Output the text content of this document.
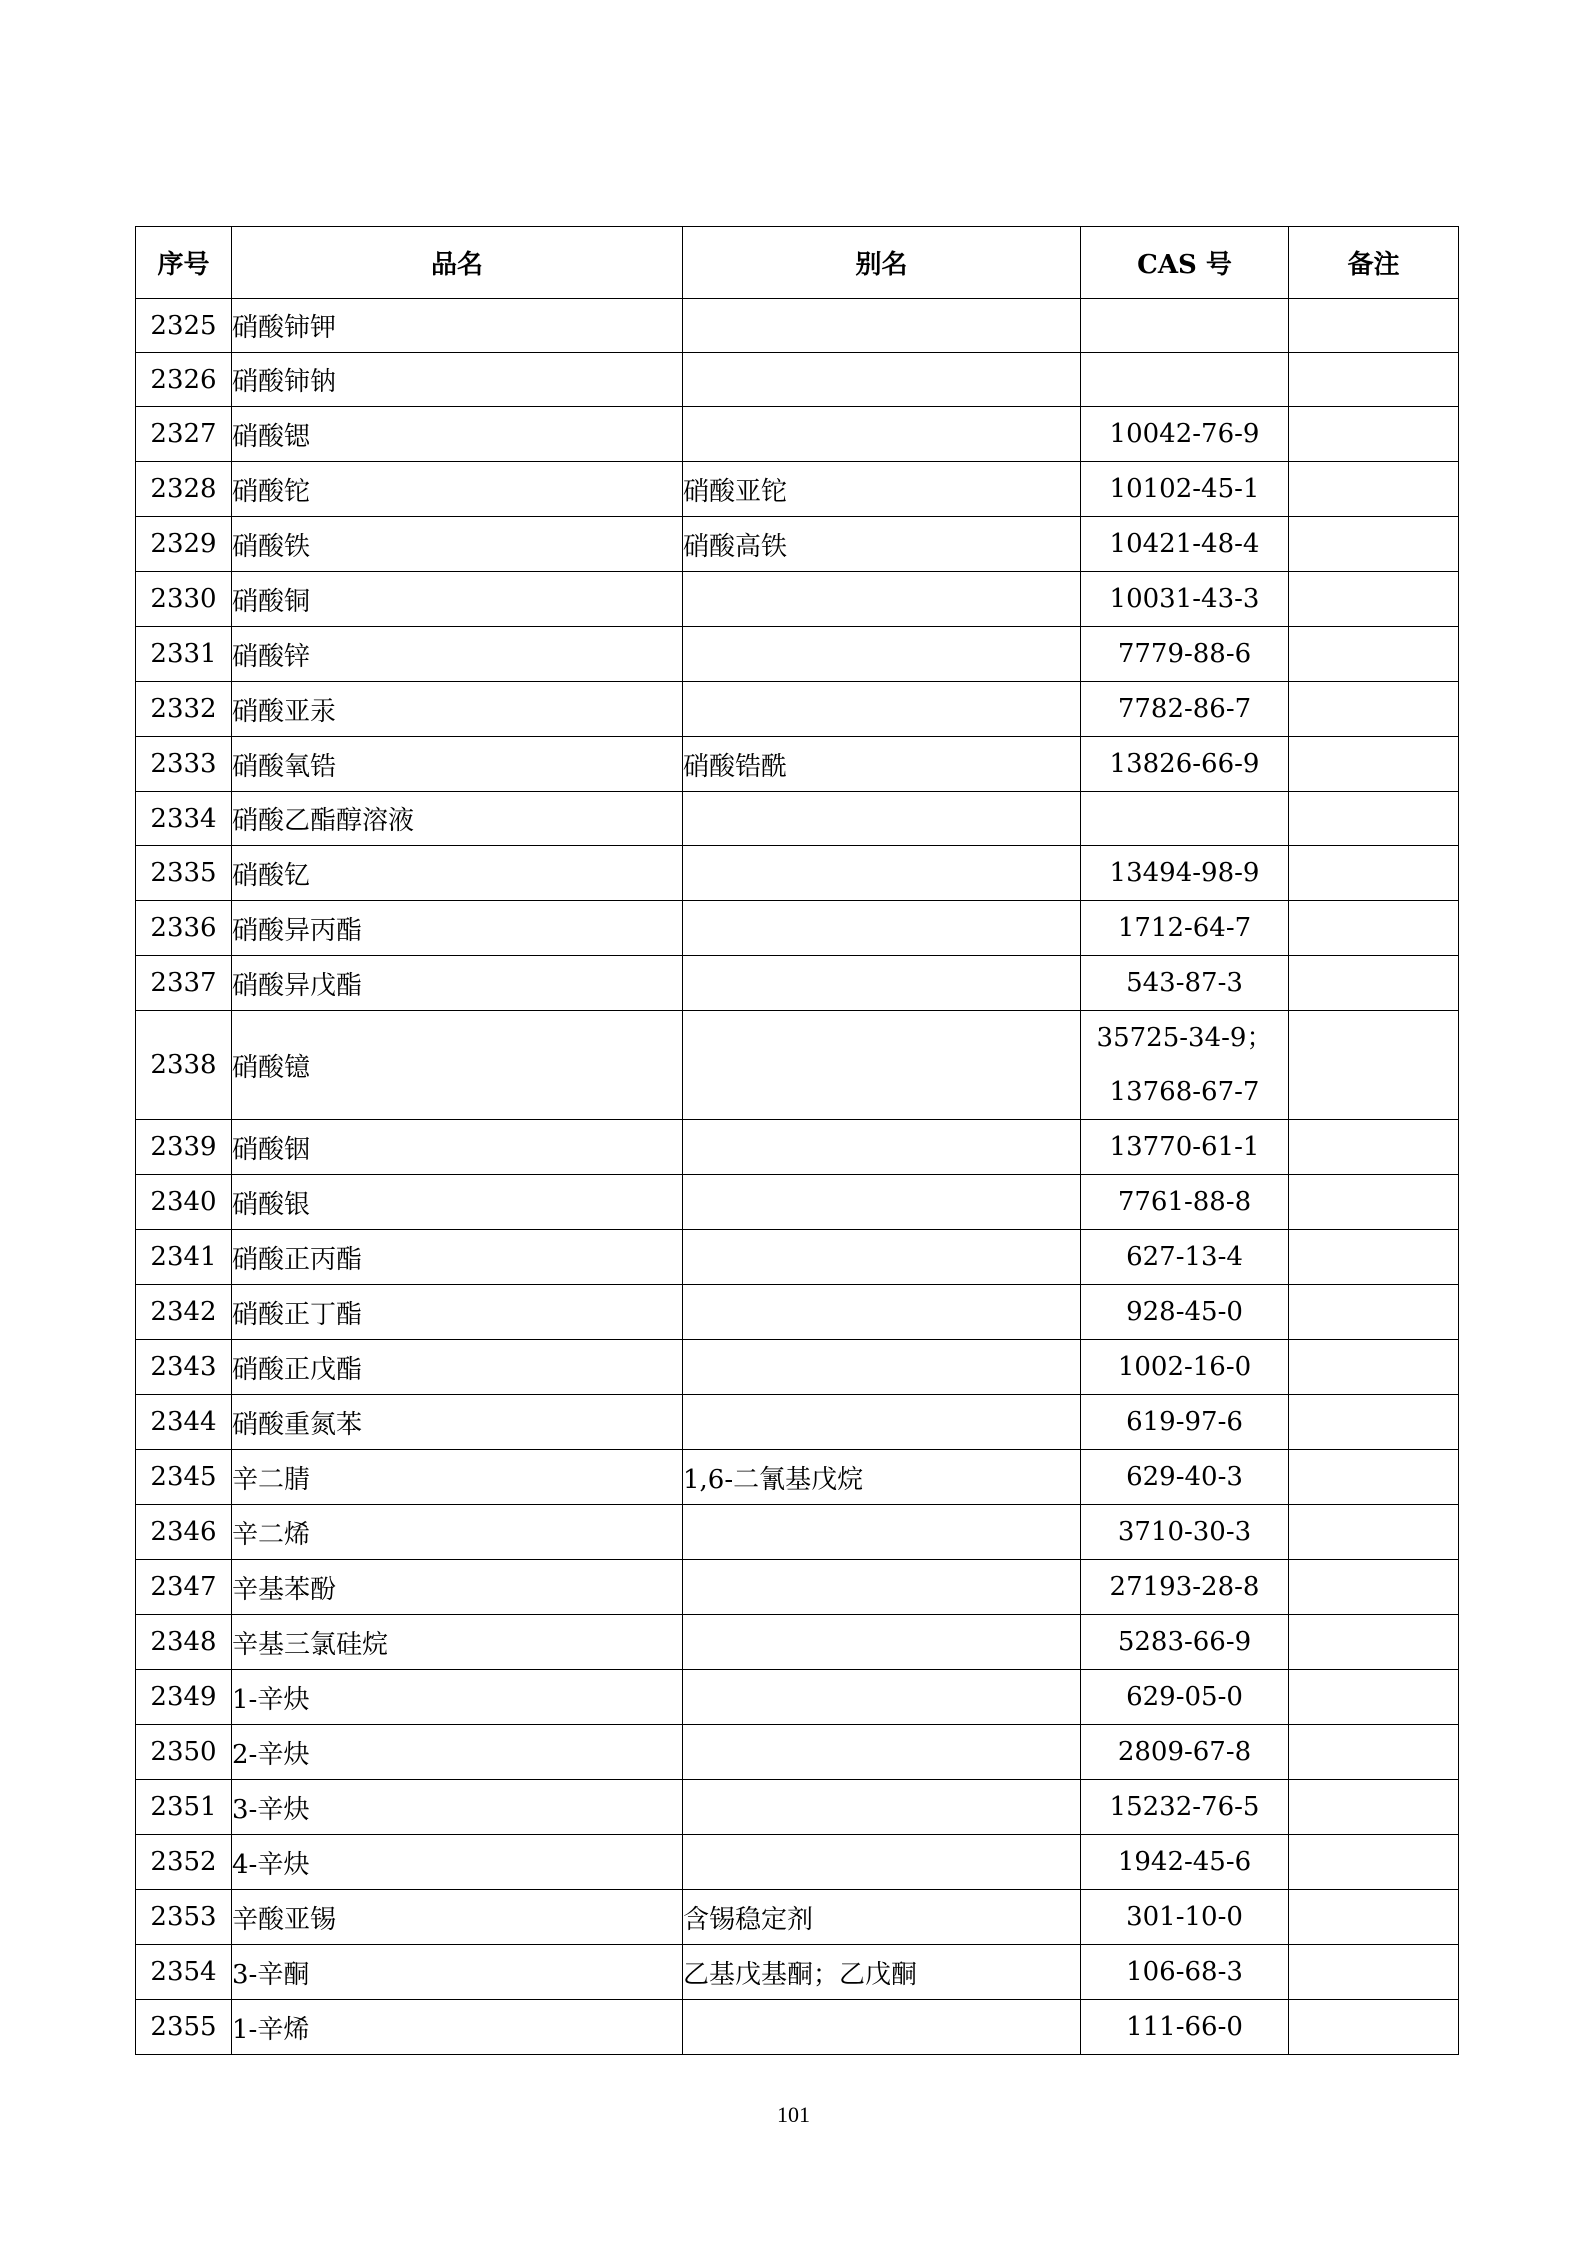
序号	品名	别名	CAS 号	备注
2325	硝酸铈钾			
2326	硝酸铈钠			
2327	硝酸锶		10042-76-9	

2328	硝酸铊	硝酸亚铊	10102-45-1	

2329	硝酸铁	硝酸高铁	10421-48-4	

2330	硝酸铜		10031-43-3	

2331	硝酸锌		7779-88-6	

2332	硝酸亚汞		7782-86-7	

2333	硝酸氧锆	硝酸锆酰	13826-66-9	

2334	硝酸乙酯醇溶液			
2335	硝酸钇		13494-98-9	

2336	硝酸异丙酯		1712-64-7	

2337	硝酸异戊酯		543-87-3	

2338	硝酸镱		35725-34-9；
13768-67-7	

2339	硝酸铟		13770-61-1	

2340	硝酸银		7761-88-8	

2341	硝酸正丙酯		627-13-4	

2342	硝酸正丁酯		928-45-0	

2343	硝酸正戊酯		1002-16-0	

2344	硝酸重氮苯		619-97-6	

2345	辛二腈	1,6-二氰基戊烷	629-40-3	

2346	辛二烯		3710-30-3	

2347	辛基苯酚		27193-28-8	

2348	辛基三氯硅烷		5283-66-9	

2349	1-辛炔		629-05-0	

2350	2-辛炔		2809-67-8	

2351	3-辛炔		15232-76-5	

2352	4-辛炔		1942-45-6	

2353	辛酸亚锡	含锡稳定剂	301-10-0	

2354	3-辛酮	乙基戊基酮；乙戊酮	106-68-3	

2355	1-辛烯		111-66-0	

101
